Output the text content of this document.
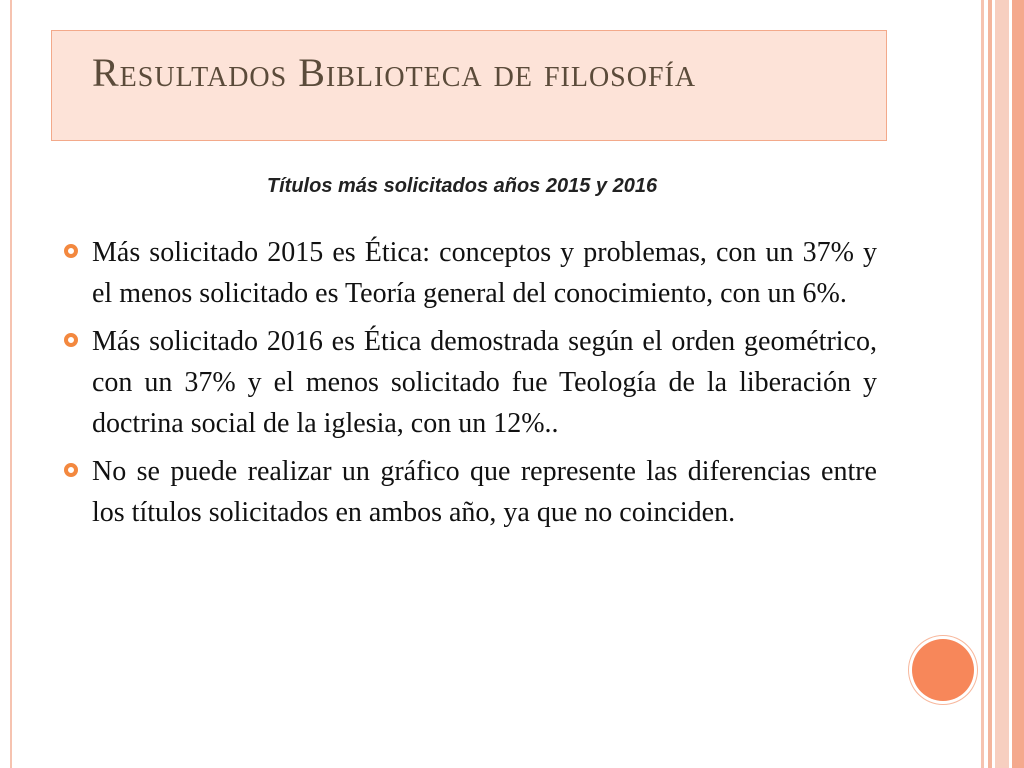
Resultados Biblioteca de filosofía

Títulos más solicitados años 2015 y 2016

Más solicitado 2015 es Ética: conceptos y problemas, con un 37% y el menos solicitado es Teoría general del conocimiento, con un 6%.
Más solicitado 2016 es Ética demostrada según el orden geométrico, con un 37% y el menos solicitado fue Teología de la liberación y doctrina social de la iglesia, con un 12%..
No se puede realizar un gráfico que represente las diferencias entre los títulos solicitados en ambos año, ya que no coinciden.
